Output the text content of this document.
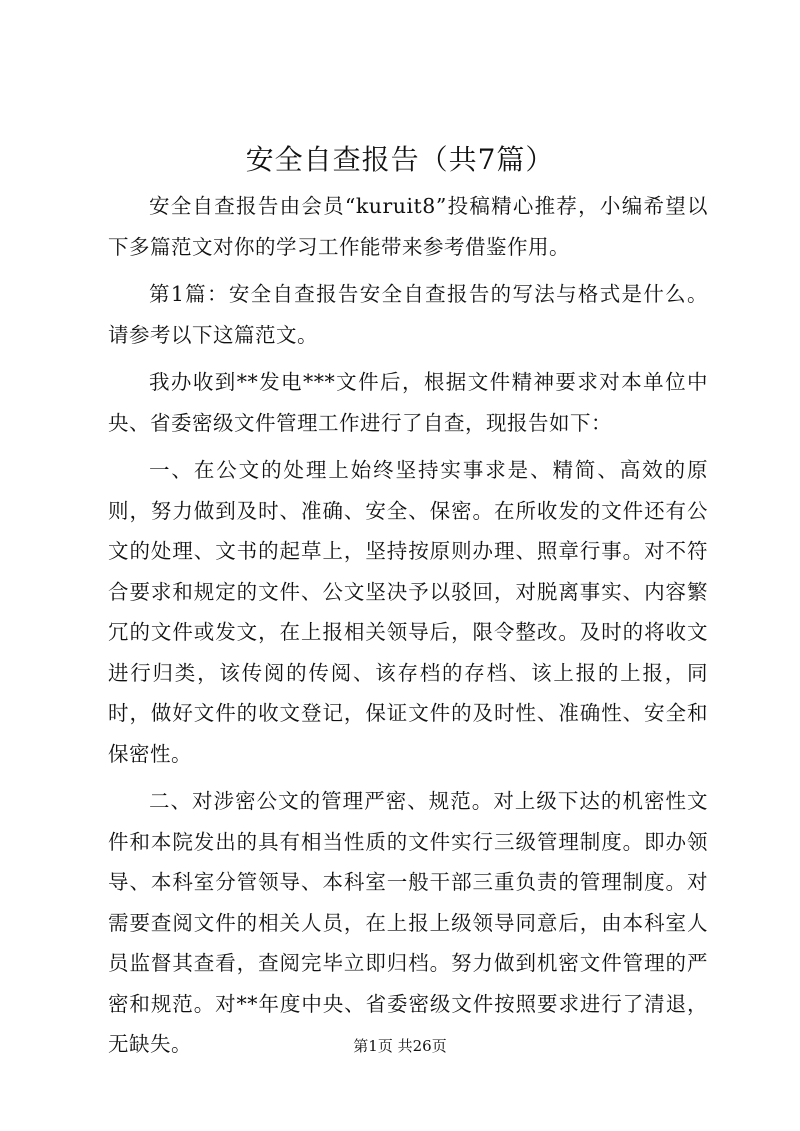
安全自查报告（共7篇）

安全自查报告由会员“kuruit8”投稿精心推荐，小编希望以下多篇范文对你的学习工作能带来参考借鉴作用。

第1篇：安全自查报告安全自查报告的写法与格式是什么。请参考以下这篇范文。

我办收到**发电***文件后，根据文件精神要求对本单位中央、省委密级文件管理工作进行了自查，现报告如下：

一、在公文的处理上始终坚持实事求是、精简、高效的原则，努力做到及时、准确、安全、保密。在所收发的文件还有公文的处理、文书的起草上，坚持按原则办理、照章行事。对不符合要求和规定的文件、公文坚决予以驳回，对脱离事实、内容繁冗的文件或发文，在上报相关领导后，限令整改。及时的将收文进行归类，该传阅的传阅、该存档的存档、该上报的上报，同时，做好文件的收文登记，保证文件的及时性、准确性、安全和保密性。

二、对涉密公文的管理严密、规范。对上级下达的机密性文件和本院发出的具有相当性质的文件实行三级管理制度。即办领导、本科室分管领导、本科室一般干部三重负责的管理制度。对需要查阅文件的相关人员，在上报上级领导同意后，由本科室人员监督其查看，查阅完毕立即归档。努力做到机密文件管理的严密和规范。对**年度中央、省委密级文件按照要求进行了清退，无缺失。	第1页 共26页
